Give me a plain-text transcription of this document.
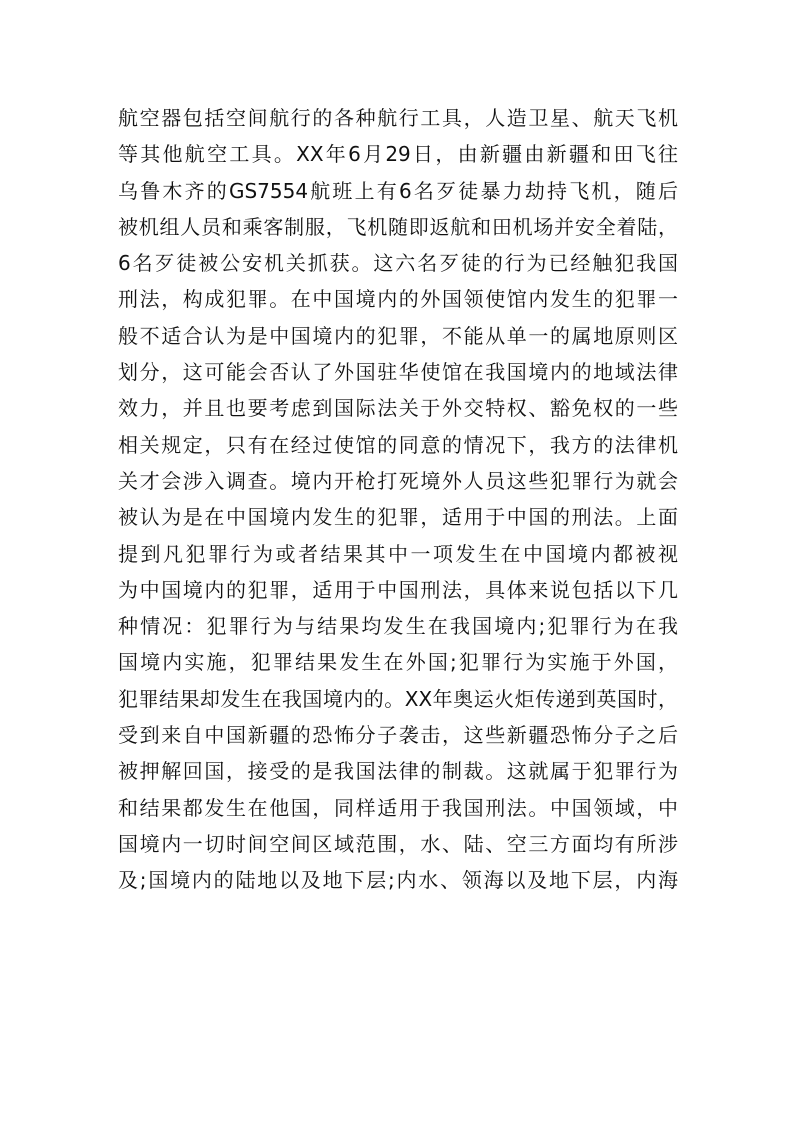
航空器包括空间航行的各种航行工具，人造卫星、航天飞机
等其他航空工具。XX年6月29日，由新疆由新疆和田飞往
乌鲁木齐的GS7554航班上有6名歹徒暴力劫持飞机，随后
被机组人员和乘客制服，飞机随即返航和田机场并安全着陆，
6名歹徒被公安机关抓获。这六名歹徒的行为已经触犯我国
刑法，构成犯罪。在中国境内的外国领使馆内发生的犯罪一
般不适合认为是中国境内的犯罪，不能从单一的属地原则区
划分，这可能会否认了外国驻华使馆在我国境内的地域法律
效力，并且也要考虑到国际法关于外交特权、豁免权的一些
相关规定，只有在经过使馆的同意的情况下，我方的法律机
关才会涉入调查。境内开枪打死境外人员这些犯罪行为就会
被认为是在中国境内发生的犯罪，适用于中国的刑法。上面
提到凡犯罪行为或者结果其中一项发生在中国境内都被视
为中国境内的犯罪，适用于中国刑法，具体来说包括以下几
种情况：犯罪行为与结果均发生在我国境内;犯罪行为在我
国境内实施，犯罪结果发生在外国;犯罪行为实施于外国，
犯罪结果却发生在我国境内的。XX年奥运火炬传递到英国时，
受到来自中国新疆的恐怖分子袭击，这些新疆恐怖分子之后
被押解回国，接受的是我国法律的制裁。这就属于犯罪行为
和结果都发生在他国，同样适用于我国刑法。中国领域，中
国境内一切时间空间区域范围，水、陆、空三方面均有所涉
及;国境内的陆地以及地下层;内水、领海以及地下层，内海
